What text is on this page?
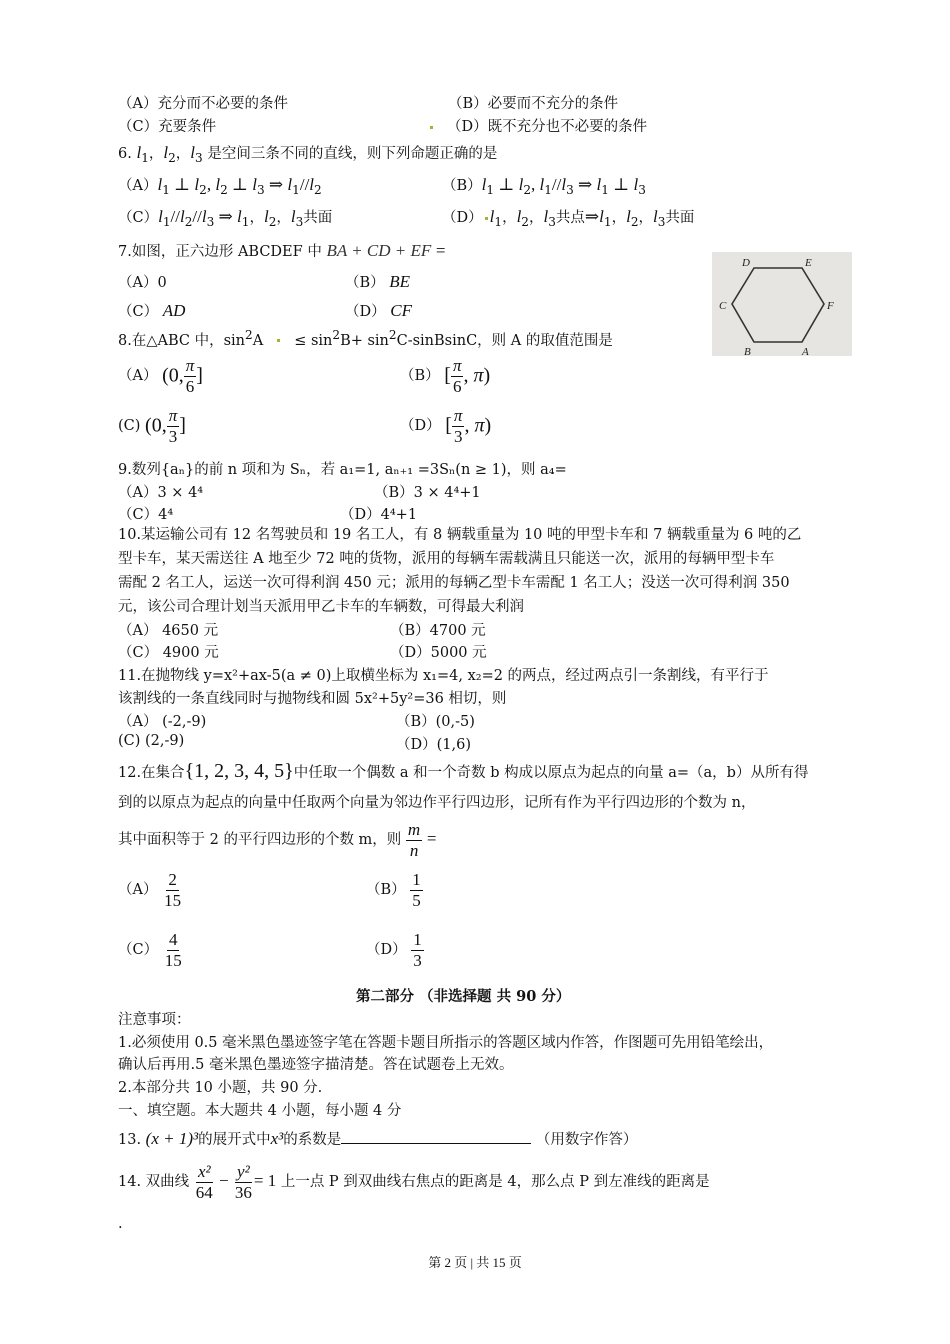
（A）充分而不必要的条件	（B）必要而不充分的条件
（C）充要条件	（D）既不充分也不必要的条件
6. $l_1$，$l_2$，$l_3$ 是空间三条不同的直线，则下列命题正确的是
$(A)l_1$ ⊥ $l_2$, $l_2$ ⊥ $l_3$ ⇒ $l_1//l_2$	$(B)l_1$ ⊥ $l_2$, $l_1//l_3$ ⇒ $l_1$ ⊥ $l_3$
$(C)l_1//l_2//l_3$ ⇒ $l_1$，$l_2$，$l_3$共面	（D） $l_1$，$l_2$，$l_3$共点$\Rightarrow l_1$，$l_2$，$l_3$共面
7.如图，正六边形 ABCDEF 中 BA + CD + EF =
（A）0	（B） BE
（C） AD	（D） CF
D	E
C	F
B	A
8.在△ABC 中，$\sin^2A \le \sin^2B+$ $\sin^2C$-sinBsinC，则 A 的取值范围是
（A） (0, $\frac{\pi}{6}$ ]	（B） [ $\frac{\pi}{6}$ , π)
(C) (0, $\frac{\pi}{3}$ ]	（D） [ $\frac{\pi}{3}$ , π)
9.数列{aₙ}的前 n 项和为 Sₙ，若 a₁=1, aₙ₊₁ =3Sₙ(n ≥ 1)，则 a₄=
（A）3 × 4⁴	（B）3 × 4⁴+1
（C）4⁴	（D）4⁴+1
10.某运输公司有 12 名驾驶员和 19 名工人，有 8 辆载重量为 10 吨的甲型卡车和 7 辆载重量为 6 吨的乙
型卡车，某天需送往 A 地至少 72 吨的货物，派用的每辆车需载满且只能送一次，派用的每辆甲型卡车
需配 2 名工人，运送一次可得利润 450 元；派用的每辆乙型卡车需配 1 名工人；没送一次可得利润 350
元，该公司合理计划当天派用甲乙卡车的车辆数，可得最大利润
（A） 4650 元	（B）4700 元
（C） 4900 元	（D）5000 元
11.在抛物线 y=x²+ax-5(a ≠ 0)上取横坐标为 x₁=4, x₂=2 的两点，经过两点引一条割线，有平行于
该割线的一条直线同时与抛物线和圆 5x²+5y²=36 相切，则
（A） (-2,-9)	（B）(0,-5)
(C) (2,-9)	（D）(1,6)
12.在集合{1, 2, 3, 4, 5}中任取一个偶数 a 和一个奇数 b 构成以原点为起点的向量 a=（a，b）从所有得
到的以原点为起点的向量中任取两个向量为邻边作平行四边形，记所有作为平行四边形的个数为 n，
其中面积等于 2 的平行四边形的个数 m，则 $\frac{m}{n}$ =
$(A) \frac{2}{15}$	$(B) \frac{1}{5}$
$(C) \frac{4}{15}$	$(D) \frac{1}{3}$
第二部分 （非选择题 共 90 分）
注意事项：
1.必须使用 0.5 毫米黑色墨迹签字笔在答题卡题目所指示的答题区域内作答，作图题可先用铅笔绘出，
确认后再用.5 毫米黑色墨迹签字描清楚。答在试题卷上无效。
2.本部分共 10 小题，共 90 分.
一、填空题。本大题共 4 小题，每小题 4 分
13. (x + 1)³的展开式中x³的系数是	（用数字作答）
14. 双曲线 $\frac{\text{x²}}{64} - \frac{\text{y²}}{36} = 1$ 上一点 P 到双曲线右焦点的距离是 4，那么点 P 到左准线的距离是
.
第 2 页 | 共 15 页
